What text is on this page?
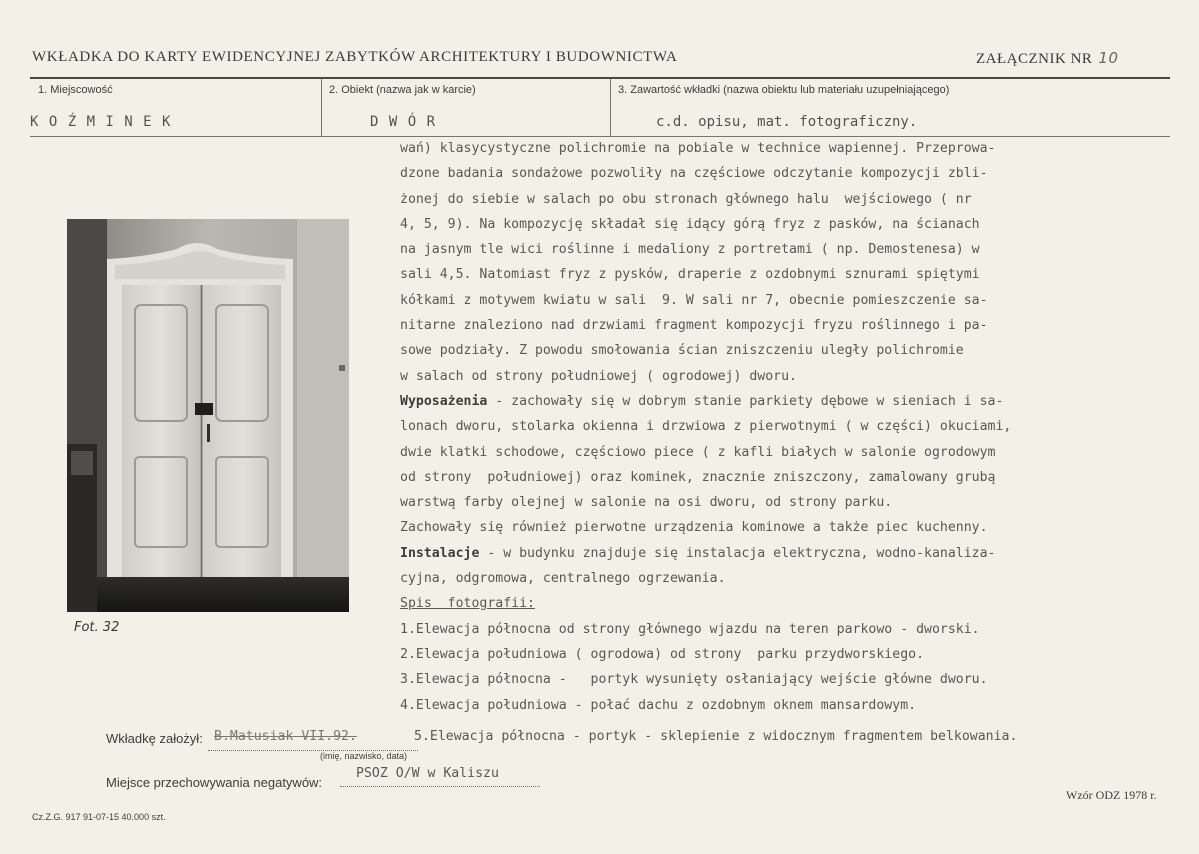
WKŁADKA DO KARTY EWIDENCYJNEJ ZABYTKÓW ARCHITEKTURY I BUDOWNICTWA	ZAŁĄCZNIK NR 10
1. Miejscowość	2. Obiekt (nazwa jak w karcie)	3. Zawartość wkładki (nazwa obiektu lub materiału uzupełniającego)
K O Ź M I N E K	D W Ó R	c.d. opisu, mat. fotograficzny.
Fot. 32
wań) klasycystyczne polichromie na pobiale w technice wapiennej. Przeprowa-
dzone badania sondażowe pozwoliły na częściowe odczytanie kompozycji zbli-
żonej do siebie w salach po obu stronach głównego halu  wejściowego ( nr
4, 5, 9). Na kompozycję składał się idący górą fryz z pasków, na ścianach
na jasnym tle wici roślinne i medaliony z portretami ( np. Demostenesa) w
sali 4,5. Natomiast fryz z pysków, draperie z ozdobnymi sznurami spiętymi
kółkami z motywem kwiatu w sali  9. W sali nr 7, obecnie pomieszczenie sa-
nitarne znaleziono nad drzwiami fragment kompozycji fryzu roślinnego i pa-
sowe podziały. Z powodu smołowania ścian zniszczeniu uległy polichromie
w salach od strony południowej ( ogrodowej) dworu.
Wyposażenia - zachowały się w dobrym stanie parkiety dębowe w sieniach i sa-
lonach dworu, stolarka okienna i drzwiowa z pierwotnymi ( w części) okuciami,
dwie klatki schodowe, częściowo piece ( z kafli białych w salonie ogrodowym
od strony  południowej) oraz kominek, znacznie zniszczony, zamalowany grubą
warstwą farby olejnej w salonie na osi dworu, od strony parku.
Zachowały się również pierwotne urządzenia kominowe a także piec kuchenny.
Instalacje - w budynku znajduje się instalacja elektryczna, wodno-kanaliza-
cyjna, odgromowa, centralnego ogrzewania.
Spis  fotografii:
1.Elewacja północna od strony głównego wjazdu na teren parkowo - dworski.
2.Elewacja południowa ( ogrodowa) od strony  parku przydworskiego.
3.Elewacja północna -   portyk wysunięty osłaniający wejście główne dworu.
4.Elewacja południowa - połać dachu z ozdobnym oknem mansardowym.
Wkładkę założył: B.Matusiak VII.92.	5.Elewacja północna - portyk - sklepienie z widocznym fragmentem belkowania.
(imię, nazwisko, data)
Miejsce przechowywania negatywów:
PSOZ O/W w Kaliszu
Cz.Z.G. 917 91-07-15 40.000 szt.
Wzór ODZ 1978 r.
